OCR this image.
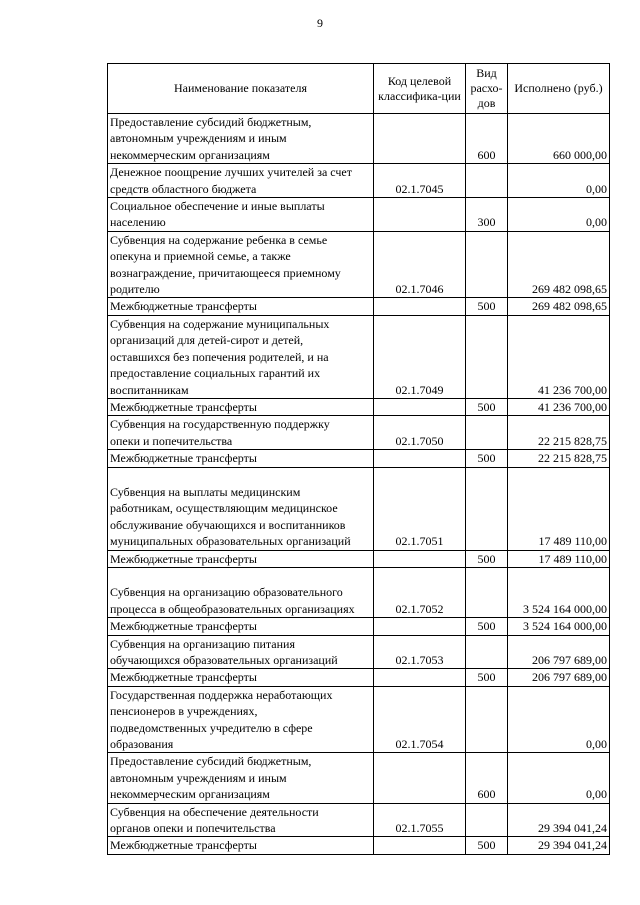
9
Наименование показателя	Код целевой классифика-ции	Вид расхо-дов	Исполнено (руб.)

Предоставление субсидий бюджетным,
автономным учреждениям и иным
некоммерческим организациям		600	660 000,00

Денежное поощрение лучших учителей за счет
средств областного бюджета	02.1.7045		0,00

Социальное обеспечение и иные выплаты
населению		300	0,00

Субвенция на содержание ребенка в семье
опекуна и приемной семье, а также
вознаграждение, причитающееся приемному
родителю	02.1.7046		269 482 098,65

Межбюджетные трансферты		500	269 482 098,65

Субвенция на содержание муниципальных
организаций для детей-сирот и детей,
оставшихся без попечения родителей, и на
предоставление социальных гарантий их
воспитанникам	02.1.7049		41 236 700,00

Межбюджетные трансферты		500	41 236 700,00

Субвенция на государственную поддержку
опеки и попечительства	02.1.7050		22 215 828,75

Межбюджетные трансферты		500	22 215 828,75

Субвенция на выплаты медицинским
работникам, осуществляющим медицинское
обслуживание обучающихся и воспитанников
муниципальных образовательных организаций	02.1.7051		17 489 110,00

Межбюджетные трансферты		500	17 489 110,00

Субвенция на организацию образовательного
процесса в общеобразовательных организациях	02.1.7052		3 524 164 000,00

Межбюджетные трансферты		500	3 524 164 000,00

Субвенция на организацию питания
обучающихся образовательных организаций	02.1.7053		206 797 689,00

Межбюджетные трансферты		500	206 797 689,00

Государственная поддержка неработающих
пенсионеров в учреждениях,
подведомственных учредителю в сфере
образования	02.1.7054		0,00

Предоставление субсидий бюджетным,
автономным учреждениям и иным
некоммерческим организациям		600	0,00

Субвенция на обеспечение деятельности
органов опеки и попечительства	02.1.7055		29 394 041,24

Межбюджетные трансферты		500	29 394 041,24
